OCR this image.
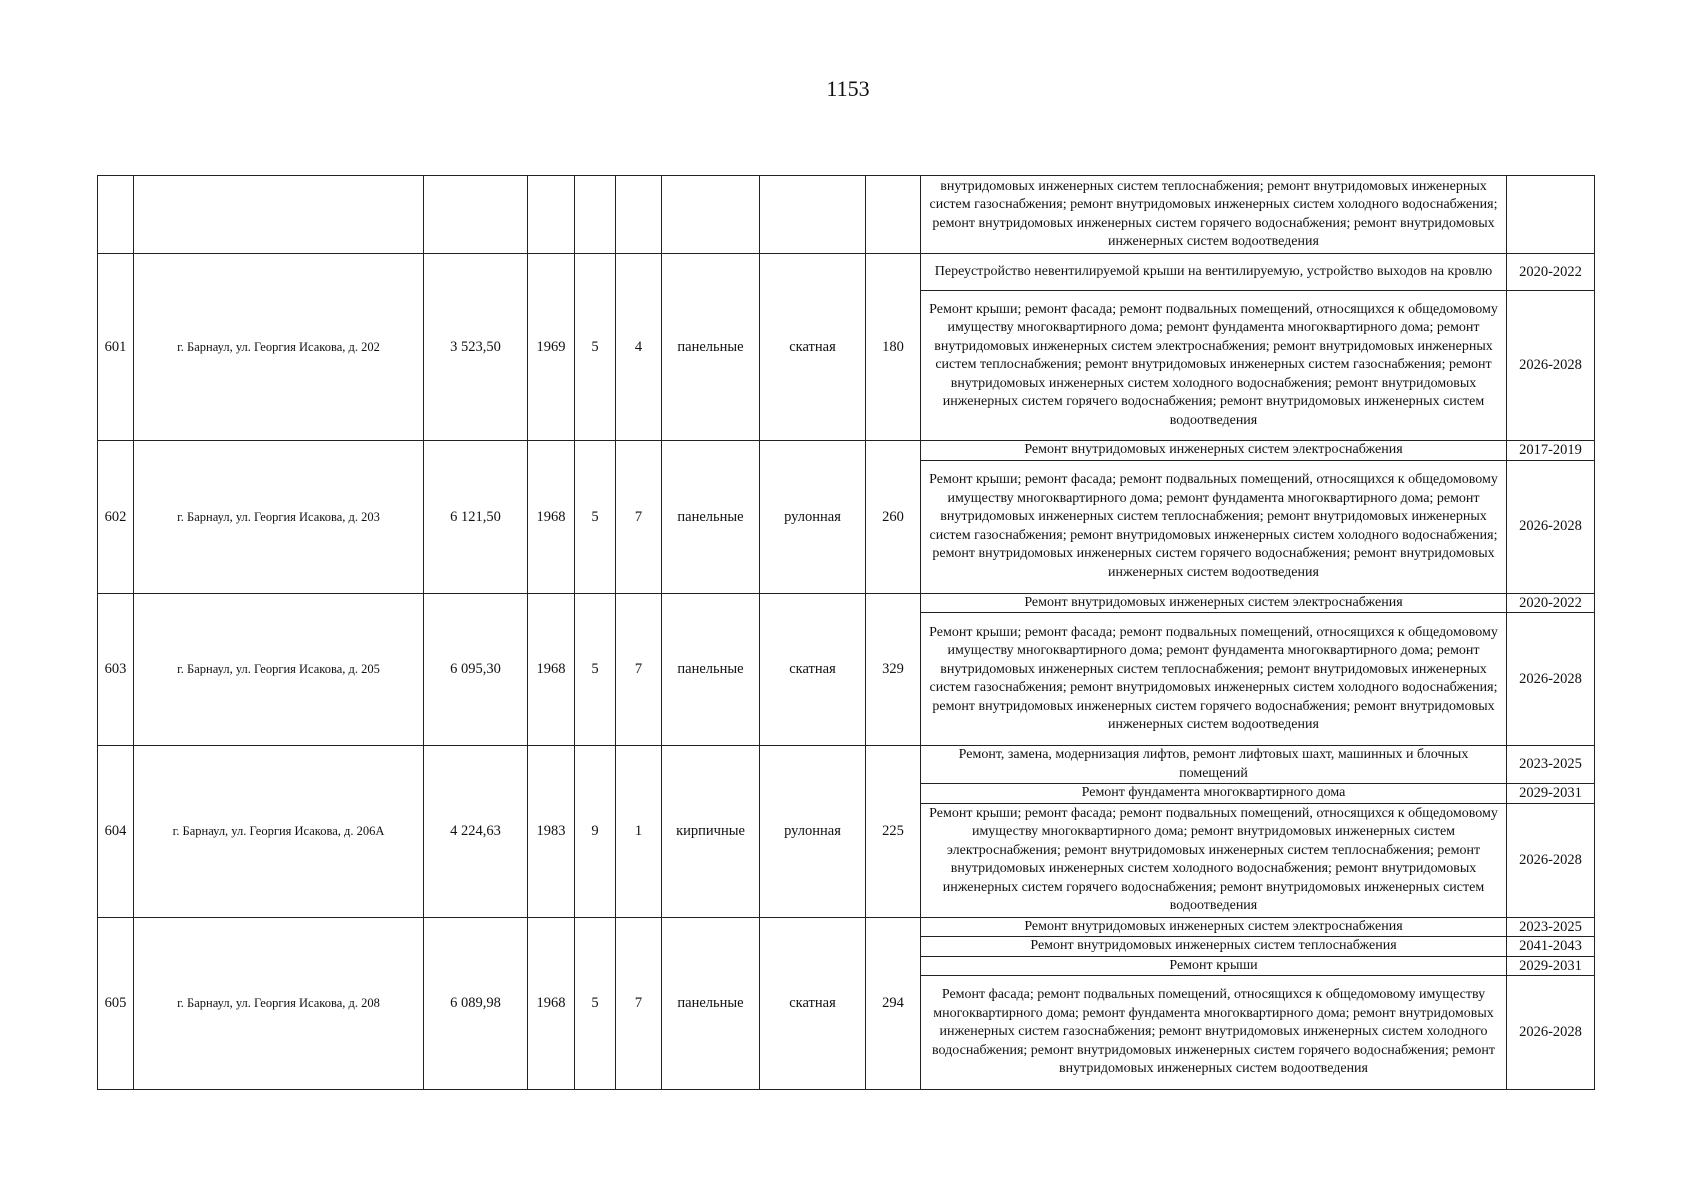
1153
									внутридомовых инженерных систем теплоснабжения; ремонт внутридомовых инженерных систем газоснабжения; ремонт внутридомовых инженерных систем холодного водоснабжения; ремонт внутридомовых инженерных систем горячего водоснабжения; ремонт внутридомовых инженерных систем водоотведения	
601	г. Барнаул, ул. Георгия Исакова, д. 202	3 523,50	1969	5	4	панельные	скатная	180	Переустройство невентилируемой крыши на вентилируемую, устройство выходов на кровлю	2020-2022
									Ремонт крыши; ремонт фасада; ремонт подвальных помещений, относящихся к общедомовому имуществу многоквартирного дома; ремонт фундамента многоквартирного дома; ремонт внутридомовых инженерных систем электроснабжения; ремонт внутридомовых инженерных систем теплоснабжения; ремонт внутридомовых инженерных систем газоснабжения; ремонт внутридомовых инженерных систем холодного водоснабжения; ремонт внутридомовых инженерных систем горячего водоснабжения; ремонт внутридомовых инженерных систем водоотведения	2026-2028
602	г. Барнаул, ул. Георгия Исакова, д. 203	6 121,50	1968	5	7	панельные	рулонная	260	Ремонт внутридомовых инженерных систем электроснабжения	2017-2019
									Ремонт крыши; ремонт фасада; ремонт подвальных помещений, относящихся к общедомовому имуществу многоквартирного дома; ремонт фундамента многоквартирного дома; ремонт внутридомовых инженерных систем теплоснабжения; ремонт внутридомовых инженерных систем газоснабжения; ремонт внутридомовых инженерных систем холодного водоснабжения; ремонт внутридомовых инженерных систем горячего водоснабжения; ремонт внутридомовых инженерных систем водоотведения	2026-2028
603	г. Барнаул, ул. Георгия Исакова, д. 205	6 095,30	1968	5	7	панельные	скатная	329	Ремонт внутридомовых инженерных систем электроснабжения	2020-2022
									Ремонт крыши; ремонт фасада; ремонт подвальных помещений, относящихся к общедомовому имуществу многоквартирного дома; ремонт фундамента многоквартирного дома; ремонт внутридомовых инженерных систем теплоснабжения; ремонт внутридомовых инженерных систем газоснабжения; ремонт внутридомовых инженерных систем холодного водоснабжения; ремонт внутридомовых инженерных систем горячего водоснабжения; ремонт внутридомовых инженерных систем водоотведения	2026-2028
604	г. Барнаул, ул. Георгия Исакова, д. 206А	4 224,63	1983	9	1	кирпичные	рулонная	225	Ремонт, замена, модернизация лифтов, ремонт лифтовых шахт, машинных и блочных помещений	2023-2025
									Ремонт фундамента многоквартирного дома	2029-2031
									Ремонт крыши; ремонт фасада; ремонт подвальных помещений, относящихся к общедомовому имуществу многоквартирного дома; ремонт внутридомовых инженерных систем электроснабжения; ремонт внутридомовых инженерных систем теплоснабжения; ремонт внутридомовых инженерных систем холодного водоснабжения; ремонт внутридомовых инженерных систем горячего водоснабжения; ремонт внутридомовых инженерных систем водоотведения	2026-2028
605	г. Барнаул, ул. Георгия Исакова, д. 208	6 089,98	1968	5	7	панельные	скатная	294	Ремонт внутридомовых инженерных систем электроснабжения	2023-2025
									Ремонт внутридомовых инженерных систем теплоснабжения	2041-2043
									Ремонт крыши	2029-2031
									Ремонт фасада; ремонт подвальных помещений, относящихся к общедомовому имуществу многоквартирного дома; ремонт фундамента многоквартирного дома; ремонт внутридомовых инженерных систем газоснабжения; ремонт внутридомовых инженерных систем холодного водоснабжения; ремонт внутридомовых инженерных систем горячего водоснабжения; ремонт внутридомовых инженерных систем водоотведения	2026-2028
